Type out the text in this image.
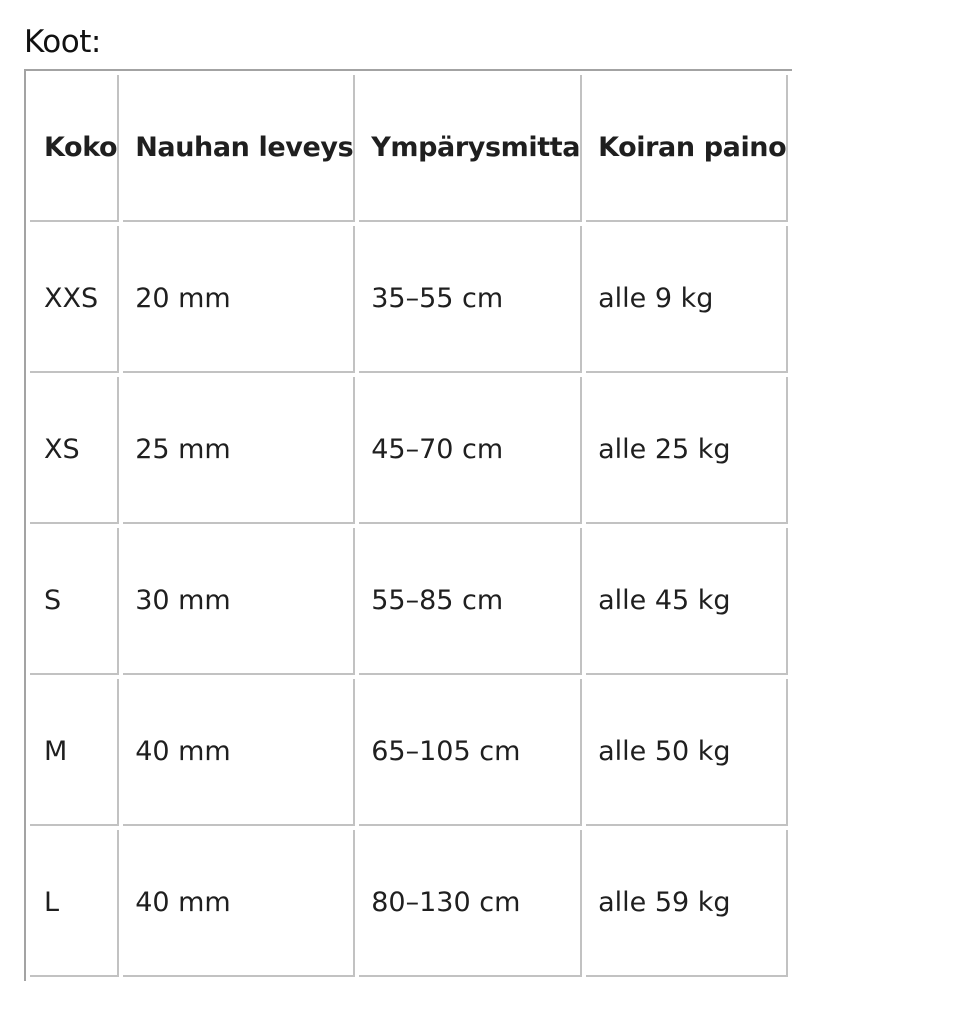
Koot:
Koko	Nauhan leveys	Ympärysmitta	Koiran paino
XXS	20 mm	35–55 cm	alle 9 kg
XS	25 mm	45–70 cm	alle 25 kg
S	30 mm	55–85 cm	alle 45 kg
M	40 mm	65–105 cm	alle 50 kg
L	40 mm	80–130 cm	alle 59 kg
